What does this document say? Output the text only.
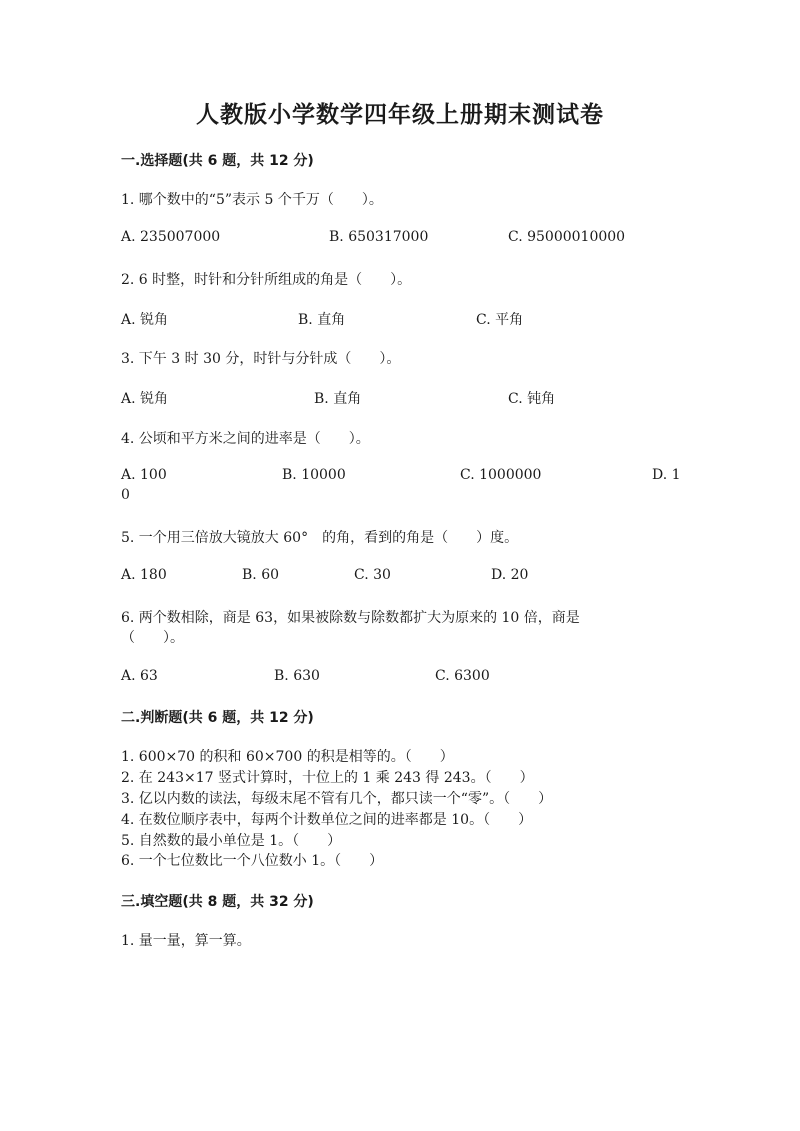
人教版小学数学四年级上册期末测试卷
一.选择题(共 6 题，共 12 分)
1. 哪个数中的“5”表示 5 个千万（　　）。
A. 235007000	B. 650317000	C. 95000010000
2. 6 时整，时针和分针所组成的角是（　　）。
A. 锐角	B. 直角	C. 平角
3. 下午 3 时 30 分，时针与分针成（　　）。
A. 锐角	B. 直角	C. 钝角
4. 公顷和平方米之间的进率是（　　）。
A. 100	B. 10000	C. 1000000	D. 1
0
5. 一个用三倍放大镜放大 60°　的角，看到的角是（　　）度。
A. 180	B. 60	C. 30	D. 20
6. 两个数相除，商是 63，如果被除数与除数都扩大为原来的 10 倍，商是
（　　）。
A. 63	B. 630	C. 6300
二.判断题(共 6 题，共 12 分)
1. 600×70 的积和 60×700 的积是相等的。（　　）
2. 在 243×17 竖式计算时，十位上的 1 乘 243 得 243。（　　）
3. 亿以内数的读法，每级末尾不管有几个，都只读一个“零”。（　　）
4. 在数位顺序表中，每两个计数单位之间的进率都是 10。（　　）
5. 自然数的最小单位是 1。（　　）
6. 一个七位数比一个八位数小 1。（　　）
三.填空题(共 8 题，共 32 分)
1. 量一量，算一算。
